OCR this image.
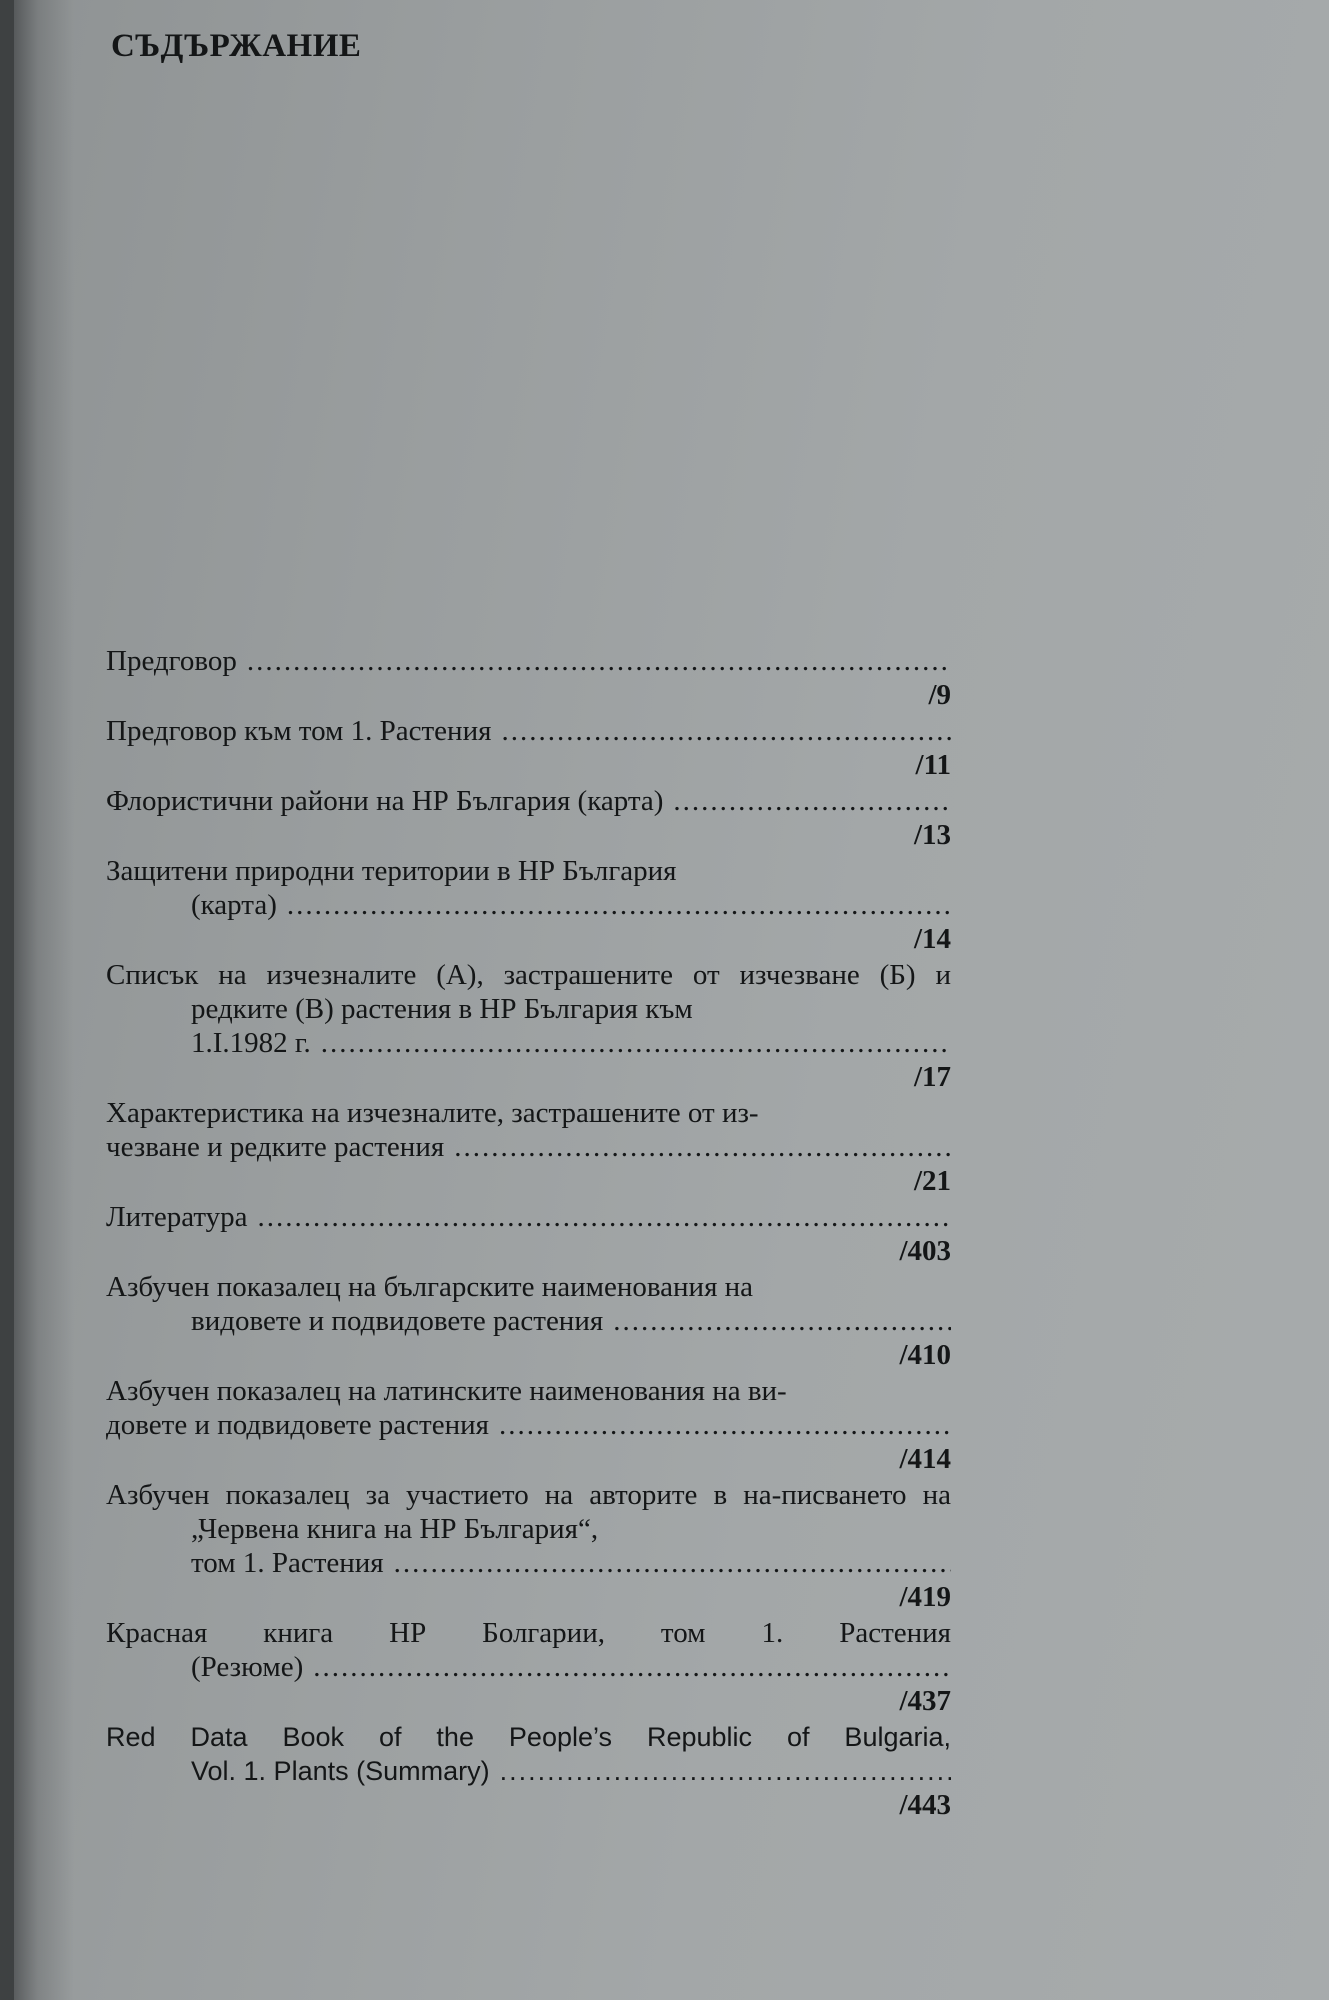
СЪДЪРЖАНИЕ
Предговор
.....
/9
Предговор към том 1. Растения
.....
/11
Флористични райони на НР България (карта)
.....
/13
Защитени природни територии в НР България
(карта)
.....
/14
Списък на изчезналите (А), застрашените от изчезване (Б) и редките (В) растения в НР България към
1.I.1982 г.
.....
/17
Характеристика на изчезналите, застрашените от из-
чезване и редките растения
.....
/21
Литература
.....
/403
Азбучен показалец на българските наименования на
видовете и подвидовете растения
.....
/410
Азбучен показалец на латинските наименования на ви-
довете и подвидовете растения
.....
/414
Азбучен показалец за участието на авторите в на-писването на „Червена книга на НР България“,
том 1. Растения
.....
/419
Красная книга НР Болгарии, том 1. Растения
(Резюме)
.....
/437
Red Data Book of the People’s Republic of Bulgaria,
Vol. 1. Plants (Summary)
.....
/443
